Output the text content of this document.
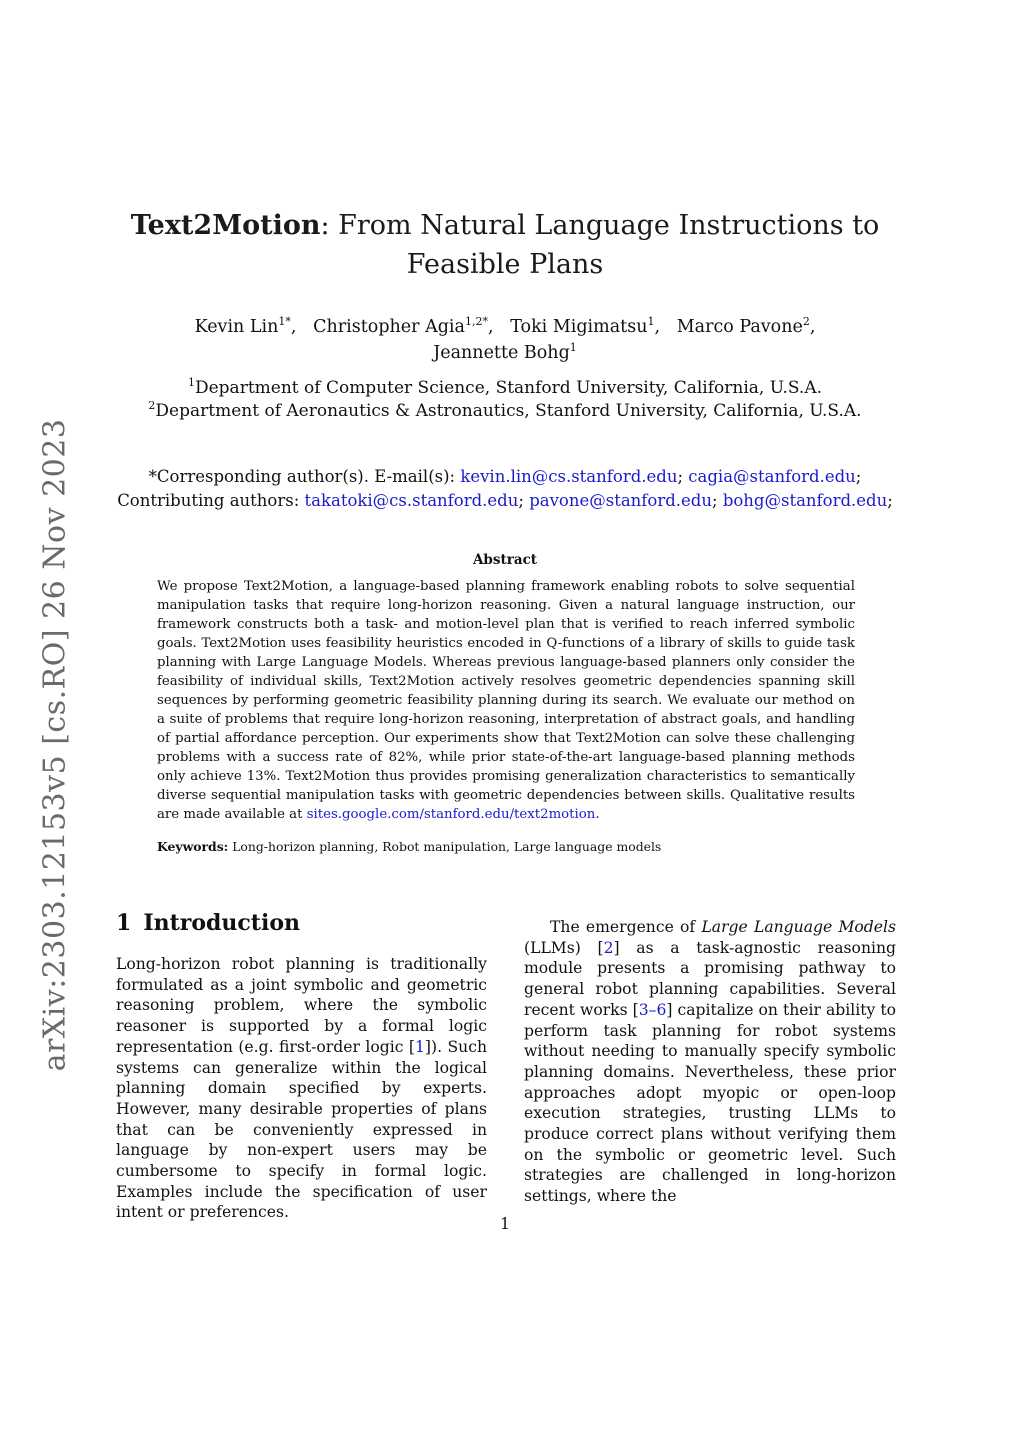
arXiv:2303.12153v5 [cs.RO] 26 Nov 2023
Text2Motion: From Natural Language Instructions to
Feasible Plans
Kevin Lin$^{1*}$,   Christopher Agia$^{1,2*}$,   Toki Migimatsu$^1$,   Marco Pavone$^2$,
Jeannette Bohg$^1$
$^1$Department of Computer Science, Stanford University, California, U.S.A.
$^2$Department of Aeronautics & Astronautics, Stanford University, California, U.S.A.
*Corresponding author(s). E-mail(s): kevin.lin@cs.stanford.edu; cagia@stanford.edu;
Contributing authors: takatoki@cs.stanford.edu; pavone@stanford.edu; bohg@stanford.edu;
Abstract
We propose Text2Motion, a language-based planning framework enabling robots to solve sequential manipulation tasks that require long-horizon reasoning. Given a natural language instruction, our framework constructs both a task- and motion-level plan that is verified to reach inferred symbolic goals. Text2Motion uses feasibility heuristics encoded in Q-functions of a library of skills to guide task planning with Large Language Models. Whereas previous language-based planners only consider the feasibility of individual skills, Text2Motion actively resolves geometric dependencies spanning skill sequences by performing geometric feasibility planning during its search. We evaluate our method on a suite of problems that require long-horizon reasoning, interpretation of abstract goals, and handling of partial affordance perception. Our experiments show that Text2Motion can solve these challenging problems with a success rate of 82%, while prior state-of-the-art language-based planning methods only achieve 13%. Text2Motion thus provides promising generalization characteristics to semantically diverse sequential manipulation tasks with geometric dependencies between skills. Qualitative results are made available at sites.google.com/stanford.edu/text2motion.
Keywords: Long-horizon planning, Robot manipulation, Large language models
1 Introduction
Long-horizon robot planning is traditionally formulated as a joint symbolic and geometric reasoning problem, where the symbolic reasoner is supported by a formal logic representation (e.g. first-order logic [1]). Such systems can generalize within the logical planning domain specified by experts. However, many desirable properties of plans that can be conveniently expressed in language by non-expert users may be cumbersome to specify in formal logic. Examples include the specification of user intent or preferences.
The emergence of Large Language Models (LLMs) [2] as a task-agnostic reasoning module presents a promising pathway to general robot planning capabilities. Several recent works [3–6] capitalize on their ability to perform task planning for robot systems without needing to manually specify symbolic planning domains. Nevertheless, these prior approaches adopt myopic or open-loop execution strategies, trusting LLMs to produce correct plans without verifying them on the symbolic or geometric level. Such strategies are challenged in long-horizon settings, where the
1
